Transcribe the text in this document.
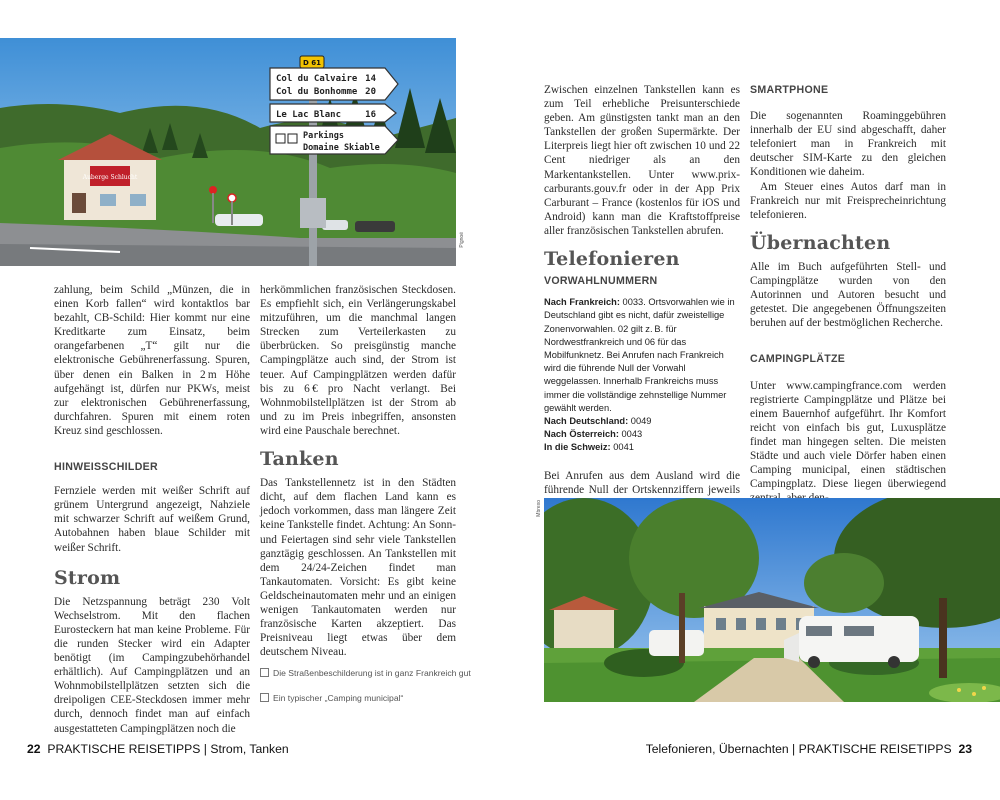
Auberge Schlucht
D 61
Col du Calvaire 14
Col du Bonhomme 20
Le Lac Blanc	16
Parkings
Domaine Skiable
Pignoé

zahlung, beim Schild „Münzen, die in einen Korb fallen“ wird kontaktlos bar bezahlt, CB-Schild: Hier kommt nur eine Kreditkarte zum Einsatz, beim orangefarbenen „T“ gilt nur die elektronische Gebührenerfassung. Spuren, über denen ein Balken in 2 m Höhe aufgehängt ist, dürfen nur PKWs, meist zur elektronischen Gebührenerfassung, durchfahren. Spuren mit einem roten Kreuz sind geschlossen.

HINWEISSCHILDER

Fernziele werden mit weißer Schrift auf grünem Untergrund angezeigt, Nahziele mit schwarzer Schrift auf weißem Grund, Autobahnen haben blaue Schilder mit weißer Schrift.

Strom

Die Netzspannung beträgt 230 Volt Wechselstrom. Mit den flachen Eurosteckern hat man keine Probleme. Für die runden Stecker wird ein Adapter benötigt (im Campingzubehörhandel erhältlich). Auf Campingplätzen und an Wohnmobilstellplätzen setzten sich die dreipoligen CEE-Steckdosen immer mehr durch, dennoch findet man auf einfach ausgestatteten Campingplätzen noch die

herkömmlichen französischen Steckdosen. Es empfiehlt sich, ein Verlängerungskabel mitzuführen, um die manchmal langen Strecken zum Verteilerkasten zu überbrücken. So preisgünstig manche Campingplätze auch sind, der Strom ist teuer. Auf Campingplätzen werden dafür bis zu 6 € pro Nacht verlangt. Bei Wohnmobilstellplätzen ist der Strom ab und zu im Preis inbegriffen, ansonsten wird eine Pauschale berechnet.

Tanken

Das Tankstellennetz ist in den Städten dicht, auf dem flachen Land kann es jedoch vorkommen, dass man längere Zeit keine Tankstelle findet. Achtung: An Sonn- und Feiertagen sind sehr viele Tankstellen ganztägig geschlossen. An Tankstellen mit dem 24/24-Zeichen findet man Tankautomaten. Vorsicht: Es gibt keine Geldscheinautomaten mehr und an einigen wenigen Tankautomaten werden nur französische Karten akzeptiert. Das Preisniveau liegt etwas über dem deutschem Niveau.

Die Straßenbeschilderung ist in ganz Frankreich gut
Ein typischer „Camping municipal“

Zwischen einzelnen Tankstellen kann es zum Teil erhebliche Preisunterschiede geben. Am günstigsten tankt man an den Tankstellen der großen Supermärkte. Der Literpreis liegt hier oft zwischen 10 und 22 Cent niedriger als an den Markentankstellen. Unter www.prix-carburants.gouv.fr oder in der App Prix Carburant – France (kostenlos für iOS und Android) kann man die Kraftstoffpreise aller französischen Tankstellen abrufen.

Telefonieren
VORWAHLNUMMERN
Nach Frankreich: 0033. Ortsvorwahlen wie in Deutschland gibt es nicht, dafür zweistellige Zonenvorwahlen. 02 gilt z. B. für Nordwestfrankreich und 06 für das Mobilfunknetz. Bei Anrufen nach Frankreich wird die führende Null der Vorwahl weggelassen. Innerhalb Frankreichs muss immer die vollständige zehnstellige Nummer gewählt werden.
Nach Deutschland: 0049
Nach Österreich: 0043
In die Schweiz: 0041

Bei Anrufen aus dem Ausland wird die führende Null der Ortskennziffern jeweils

SMARTPHONE

Die sogenannten Roaminggebühren innerhalb der EU sind abgeschafft, daher telefoniert man in Frankreich mit deutscher SIM-Karte zu den gleichen Konditionen wie daheim.

Am Steuer eines Autos darf man in Frankreich nur mit Freisprecheinrichtung telefonieren.

Übernachten

Alle im Buch aufgeführten Stell- und Campingplätze wurden von den Autorinnen und Autoren besucht und getestet. Die angegebenen Öffnungszeiten beruhen auf der bestmöglichen Recherche.

CAMPINGPLÄTZE

Unter www.campingfrance.com werden registrierte Campingplätze und Plätze bei einem Bauernhof aufgeführt. Ihr Komfort reicht von einfach bis gut, Luxusplätze findet man hingegen selten. Die meisten Städte und auch viele Dörfer haben einen Camping municipal, einen städtischen Campingplatz. Diese liegen überwiegend

Mbrexo
22 PRAKTISCHE REISETIPPS | Strom, Tanken	Telefonieren, Übernachten | PRAKTISCHE REISETIPPS 23
